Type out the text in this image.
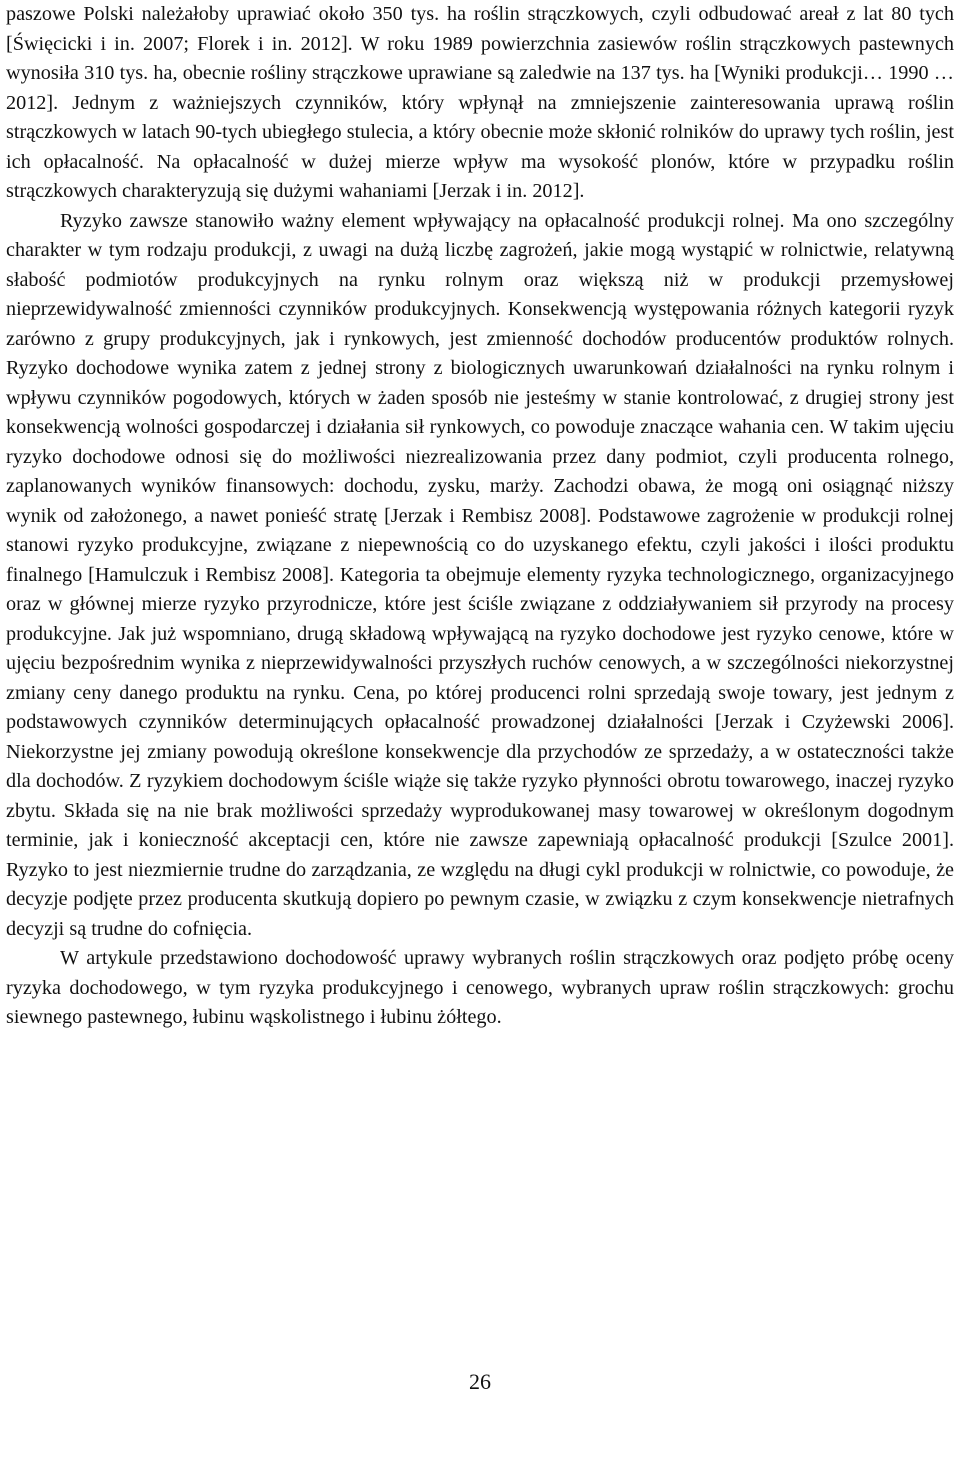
paszowe Polski należałoby uprawiać około 350 tys. ha roślin strączkowych, czyli odbudować areał z lat 80 tych [Święcicki i in. 2007; Florek i in. 2012]. W roku 1989 powierzchnia zasiewów roślin strączkowych pastewnych wynosiła 310 tys. ha, obecnie rośliny strączkowe uprawiane są zaledwie na 137 tys. ha [Wyniki produkcji… 1990 … 2012]. Jednym z ważniejszych czynników, który wpłynął na zmniejszenie zainteresowania uprawą roślin strączkowych w latach 90-tych ubiegłego stulecia, a który obecnie może skłonić rolników do uprawy tych roślin, jest ich opłacalność. Na opłacalność w dużej mierze wpływ ma wysokość plonów, które w przypadku roślin strączkowych charakteryzują się dużymi wahaniami [Jerzak i in. 2012].

Ryzyko zawsze stanowiło ważny element wpływający na opłacalność produkcji rolnej. Ma ono szczególny charakter w tym rodzaju produkcji, z uwagi na dużą liczbę zagrożeń, jakie mogą wystąpić w rolnictwie, relatywną słabość podmiotów produkcyjnych na rynku rolnym oraz większą niż w produkcji przemysłowej nieprzewidywalność zmienności czynników produkcyjnych. Konsekwencją występowania różnych kategorii ryzyk zarówno z grupy produkcyjnych, jak i rynkowych, jest zmienność dochodów producentów produktów rolnych. Ryzyko dochodowe wynika zatem z jednej strony z biologicznych uwarunkowań działalności na rynku rolnym i wpływu czynników pogodowych, których w żaden sposób nie jesteśmy w stanie kontrolować, z drugiej strony jest konsekwencją wolności gospodarczej i działania sił rynkowych, co powoduje znaczące wahania cen. W takim ujęciu ryzyko dochodowe odnosi się do możliwości niezrealizowania przez dany podmiot, czyli producenta rolnego, zaplanowanych wyników finansowych: dochodu, zysku, marży. Zachodzi obawa, że mogą oni osiągnąć niższy wynik od założonego, a nawet ponieść stratę [Jerzak i Rembisz 2008]. Podstawowe zagrożenie w produkcji rolnej stanowi ryzyko produkcyjne, związane z niepewnością co do uzyskanego efektu, czyli jakości i ilości produktu finalnego [Hamulczuk i Rembisz 2008]. Kategoria ta obejmuje elementy ryzyka technologicznego, organizacyjnego oraz w głównej mierze ryzyko przyrodnicze, które jest ściśle związane z oddziaływaniem sił przyrody na procesy produkcyjne. Jak już wspomniano, drugą składową wpływającą na ryzyko dochodowe jest ryzyko cenowe, które w ujęciu bezpośrednim wynika z nieprzewidywalności przyszłych ruchów cenowych, a w szczególności niekorzystnej zmiany ceny danego produktu na rynku. Cena, po której producenci rolni sprzedają swoje towary, jest jednym z podstawowych czynników determinujących opłacalność prowadzonej działalności [Jerzak i Czyżewski 2006]. Niekorzystne jej zmiany powodują określone konsekwencje dla przychodów ze sprzedaży, a w ostateczności także dla dochodów. Z ryzykiem dochodowym ściśle wiąże się także ryzyko płynności obrotu towarowego, inaczej ryzyko zbytu. Składa się na nie brak możliwości sprzedaży wyprodukowanej masy towarowej w określonym dogodnym terminie, jak i konieczność akceptacji cen, które nie zawsze zapewniają opłacalność produkcji [Szulce 2001]. Ryzyko to jest niezmiernie trudne do zarządzania, ze względu na długi cykl produkcji w rolnictwie, co powoduje, że decyzje podjęte przez producenta skutkują dopiero po pewnym czasie, w związku z czym konsekwencje nietrafnych decyzji są trudne do cofnięcia.

W artykule przedstawiono dochodowość uprawy wybranych roślin strączkowych oraz podjęto próbę oceny ryzyka dochodowego, w tym ryzyka produkcyjnego i cenowego, wybranych upraw roślin strączkowych: grochu siewnego pastewnego, łubinu wąskolistnego i łubinu żółtego.

26
